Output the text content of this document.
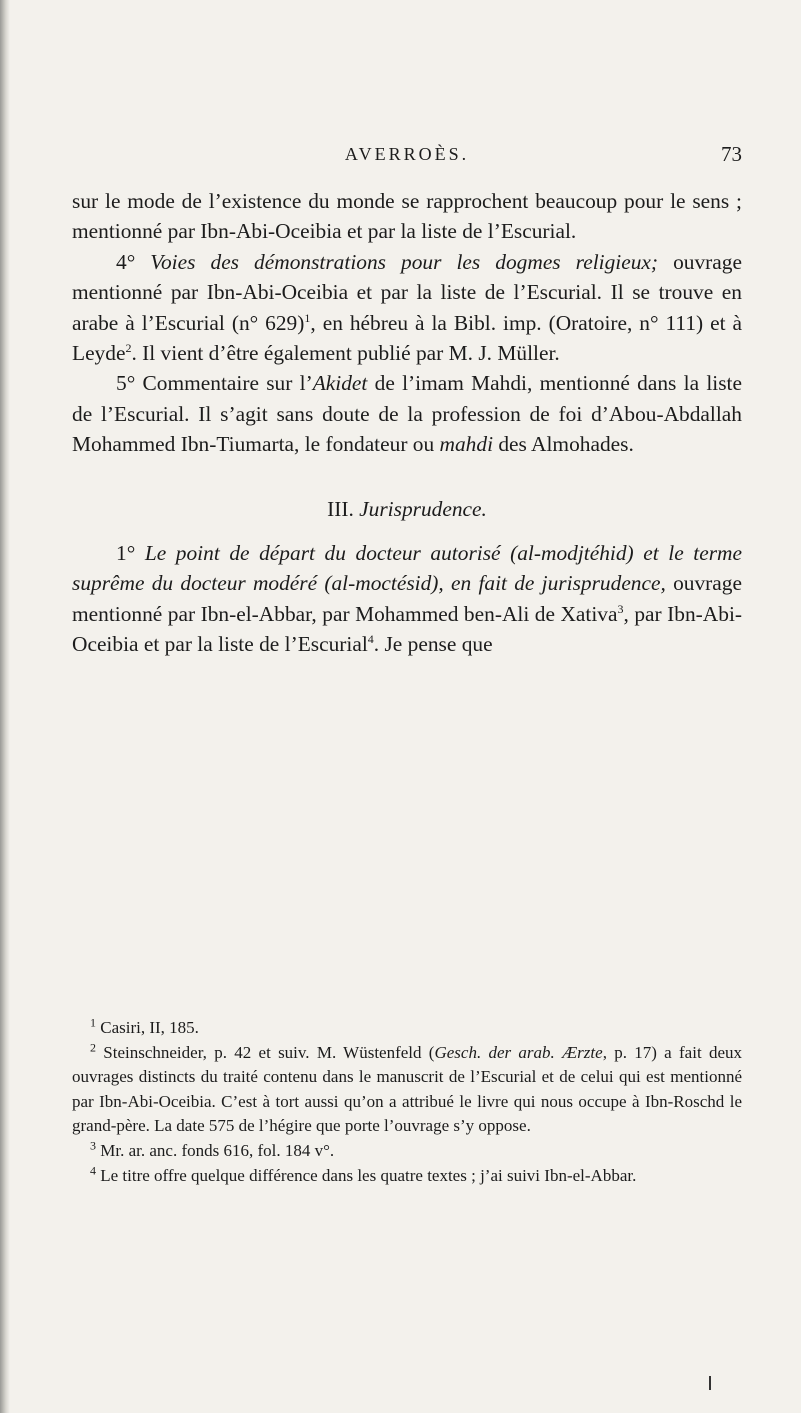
AVERROÈS.	73

sur le mode de l’existence du monde se rapprochent beaucoup pour le sens ; mentionné par Ibn-Abi-Oceibia et par la liste de l’Escurial.

4° Voies des démonstrations pour les dogmes religieux; ouvrage mentionné par Ibn-Abi-Oceibia et par la liste de l’Escurial. Il se trouve en arabe à l’Escurial (n° 629)$^1$, en hébreu à la Bibl. imp. (Oratoire, n° 111) et à Leyde$^2$. Il vient d’être également publié par M. J. Müller.

5° Commentaire sur l’Akidet de l’imam Mahdi, mentionné dans la liste de l’Escurial. Il s’agit sans doute de la profession de foi d’Abou-Abdallah Mohammed Ibn-Tiumarta, le fondateur ou mahdi des Almohades.

III. Jurisprudence.

1° Le point de départ du docteur autorisé (al-modjtéhid) et le terme suprême du docteur modéré (al-moctésid), en fait de jurisprudence, ouvrage mentionné par Ibn-el-Abbar, par Mohammed ben-Ali de Xativa$^3$, par Ibn-Abi-Oceibia et par la liste de l’Escurial$^4$. Je pense que

$^1$ Casiri, II, 185.

$^2$ Steinschneider, p. 42 et suiv. M. Wüstenfeld (Gesch. der arab. Ærzte, p. 17) a fait deux ouvrages distincts du traité contenu dans le manuscrit de l’Escurial et de celui qui est mentionné par Ibn-Abi-Oceibia. C’est à tort aussi qu’on a attribué le livre qui nous occupe à Ibn-Roschd le grand-père. La date 575 de l’hégire que porte l’ouvrage s’y oppose.

$^3$ Mr. ar. anc. fonds 616, fol. 184 v°.

$^4$ Le titre offre quelque différence dans les quatre textes ; j’ai suivi Ibn-el-Abbar.
